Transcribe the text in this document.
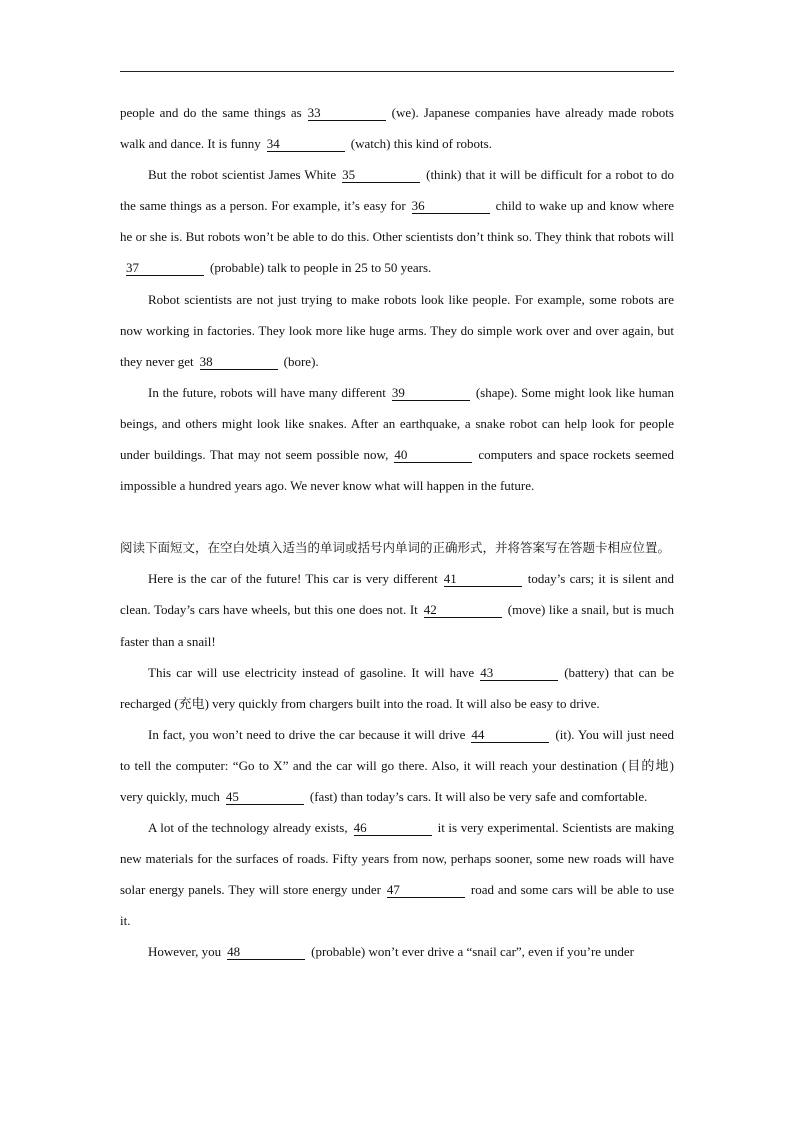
people and do the same things as 33	(we). Japanese companies have already made robots walk and dance. It is funny 34	(watch) this kind of robots.

But the robot scientist James White 35	(think) that it will be difficult for a robot to do the same things as a person. For example, it’s easy for 36	child to wake up and know where he or she is. But robots won’t be able to do this. Other scientists don’t think so. They think that robots will37	(probable) talk to people in 25 to 50 years.

Robot scientists are not just trying to make robots look like people. For example, some robots are now working in factories. They look more like huge arms. They do simple work over and over again, but they never get 38	(bore).

In the future, robots will have many different 39	(shape). Some might look like human beings, and others might look like snakes. After an earthquake, a snake robot can help look for people under buildings. That may not seem possible now, 40	computers and space rockets seemed impossible a hundred years ago. We never know what will happen in the future.

阅读下面短文，在空白处填入适当的单词或括号内单词的正确形式，并将答案写在答题卡相应位置。

Here is the car of the future! This car is very different 41	today’s cars; it is silent and clean. Today’s cars have wheels, but this one does not. It 42	(move) like a snail, but is much faster than a snail!

This car will use electricity instead of gasoline. It will have 43	(battery) that can be recharged (充电) very quickly from chargers built into the road. It will also be easy to drive.

In fact, you won’t need to drive the car because it will drive 44	(it). You will just need to tell the computer: “Go to X” and the car will go there. Also, it will reach your destination (目的地) very quickly, much 45	(fast) than today’s cars. It will also be very safe and comfortable.

A lot of the technology already exists, 46	it is very experimental. Scientists are making new materials for the surfaces of roads. Fifty years from now, perhaps sooner, some new roads will have solar energy panels. They will store energy under 47	road and some cars will be able to use it.

However, you 48	(probable) won’t ever drive a “snail car”, even if you’re under
